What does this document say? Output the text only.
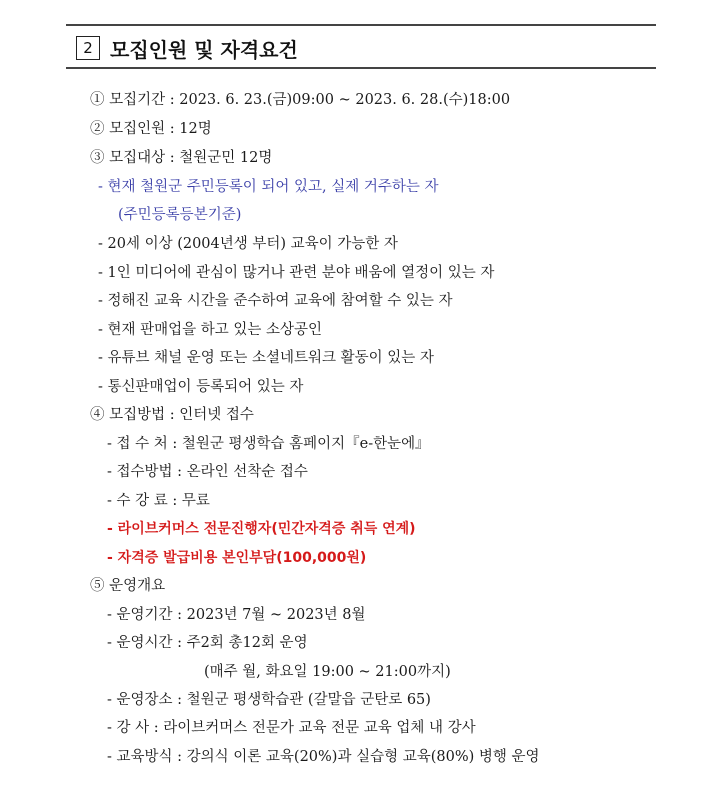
2 모집인원 및 자격요건
① 모집기간 : 2023. 6. 23.(금)09:00 ~ 2023. 6. 28.(수)18:00
② 모집인원 : 12명
③ 모집대상 : 철원군민 12명
- 현재 철원군 주민등록이 되어 있고, 실제 거주하는 자
(주민등록등본기준)
- 20세 이상 (2004년생 부터) 교육이 가능한 자
- 1인 미디어에 관심이 많거나 관련 분야 배움에 열정이 있는 자
- 정해진 교육 시간을 준수하여 교육에 참여할 수 있는 자
- 현재 판매업을 하고 있는 소상공인
- 유튜브 채널 운영 또는 소셜네트워크 활동이 있는 자
- 통신판매업이 등록되어 있는 자
④ 모집방법 : 인터넷 접수
- 접 수 처 : 철원군 평생학습 홈페이지『e-한눈에』
- 접수방법 : 온라인 선착순 접수
- 수 강 료 : 무료
- 라이브커머스 전문진행자(민간자격증 취득 연계)
- 자격증 발급비용 본인부담(100,000원)
⑤ 운영개요
- 운영기간 : 2023년 7월 ~ 2023년 8월
- 운영시간 : 주2회 총12회 운영
(매주 월, 화요일 19:00 ~ 21:00까지)
- 운영장소 : 철원군 평생학습관 (갈말읍 군탄로 65)
- 강 사 : 라이브커머스 전문가 교육 전문 교육 업체 내 강사
- 교육방식 : 강의식 이론 교육(20%)과 실습형 교육(80%) 병행 운영
